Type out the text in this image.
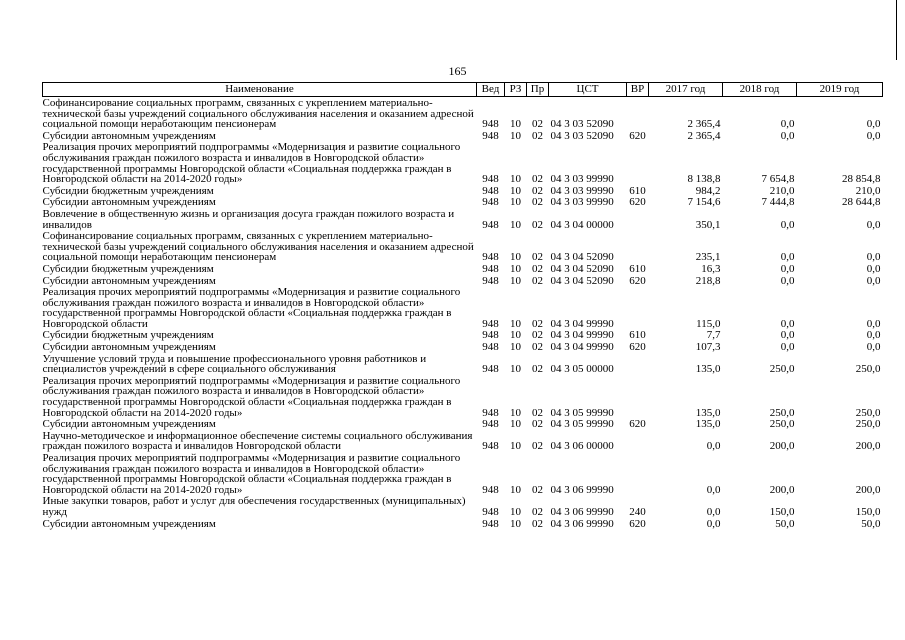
165
Наименование	Вед	РЗ	Пр	ЦСТ	ВР	2017 год	2018 год	2019 год
Софинансирование социальных программ, связанных с укреплением материально-технической базы учреждений социального обслуживания населения и оказанием адресной социальной помощи неработающим пенсионерам	948	10	02	04 3 03 52090		2 365,4	0,0	0,0
Субсидии автономным учреждениям	948	10	02	04 3 03 52090	620	2 365,4	0,0	0,0
Реализация прочих мероприятий подпрограммы «Модернизация и развитие социального обслуживания граждан пожилого возраста и инвалидов в Новгородской области» государственной программы Новгородской области «Социальная поддержка граждан в Новгородской области на 2014-2020 годы»	948	10	02	04 3 03 99990		8 138,8	7 654,8	28 854,8
Субсидии бюджетным учреждениям	948	10	02	04 3 03 99990	610	984,2	210,0	210,0
Субсидии автономным учреждениям	948	10	02	04 3 03 99990	620	7 154,6	7 444,8	28 644,8
Вовлечение в общественную жизнь и организация досуга граждан пожилого возраста и инвалидов	948	10	02	04 3 04 00000		350,1	0,0	0,0
Софинансирование социальных программ, связанных с укреплением материально-технической базы учреждений социального обслуживания населения и оказанием адресной социальной помощи неработающим пенсионерам	948	10	02	04 3 04 52090		235,1	0,0	0,0
Субсидии бюджетным учреждениям	948	10	02	04 3 04 52090	610	16,3	0,0	0,0
Субсидии автономным учреждениям	948	10	02	04 3 04 52090	620	218,8	0,0	0,0
Реализация прочих мероприятий подпрограммы «Модернизация и развитие социального обслуживания граждан пожилого возраста и инвалидов в Новгородской области» государственной программы Новгородской области «Социальная поддержка граждан в Новгородской области	948	10	02	04 3 04 99990		115,0	0,0	0,0
Субсидии бюджетным учреждениям	948	10	02	04 3 04 99990	610	7,7	0,0	0,0
Субсидии автономным учреждениям	948	10	02	04 3 04 99990	620	107,3	0,0	0,0
Улучшение условий труда и повышение профессионального уровня работников и специалистов учреждений в сфере социального обслуживания	948	10	02	04 3 05 00000		135,0	250,0	250,0
Реализация прочих мероприятий подпрограммы «Модернизация и развитие социального обслуживания граждан пожилого возраста и инвалидов в Новгородской области» государственной программы Новгородской области «Социальная поддержка граждан в Новгородской области на 2014-2020 годы»	948	10	02	04 3 05 99990		135,0	250,0	250,0
Субсидии автономным учреждениям	948	10	02	04 3 05 99990	620	135,0	250,0	250,0
Научно-методическое и информационное обеспечение системы социального обслуживания граждан пожилого возраста и инвалидов Новгородской области	948	10	02	04 3 06 00000		0,0	200,0	200,0
Реализация прочих мероприятий подпрограммы «Модернизация и развитие социального обслуживания граждан пожилого возраста и инвалидов в Новгородской области» государственной программы Новгородской области «Социальная поддержка граждан в Новгородской области на 2014-2020 годы»	948	10	02	04 3 06 99990		0,0	200,0	200,0
Иные закупки товаров, работ и услуг для обеспечения государственных (муниципальных) нужд	948	10	02	04 3 06 99990	240	0,0	150,0	150,0
Субсидии автономным учреждениям	948	10	02	04 3 06 99990	620	0,0	50,0	50,0
